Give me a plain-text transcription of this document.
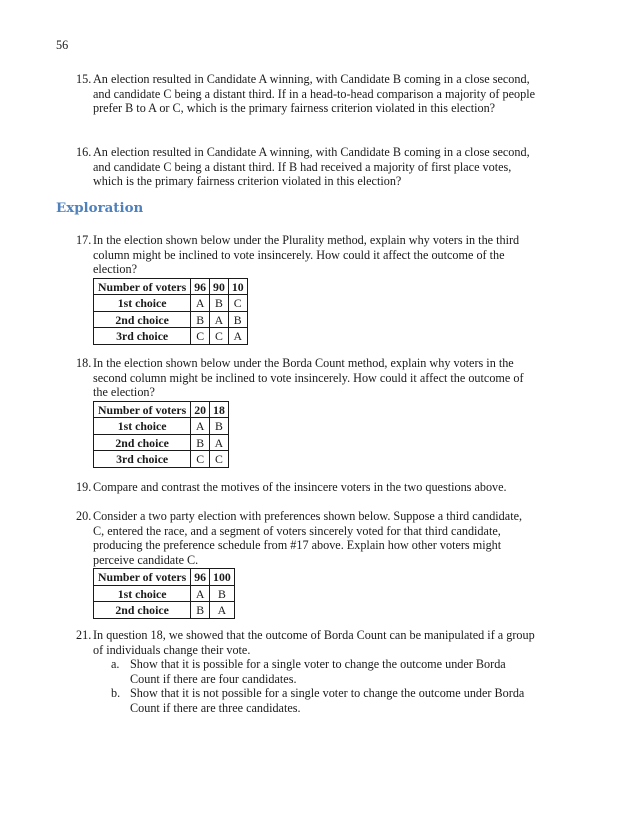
56
15. An election resulted in Candidate A winning, with Candidate B coming in a close second, and candidate C being a distant third. If in a head-to-head comparison a majority of people prefer B to A or C, which is the primary fairness criterion violated in this election?
16. An election resulted in Candidate A winning, with Candidate B coming in a close second, and candidate C being a distant third. If B had received a majority of first place votes, which is the primary fairness criterion violated in this election?
Exploration
17. In the election shown below under the Plurality method, explain why voters in the third column might be inclined to vote insincerely. How could it affect the outcome of the election?
Number of voters	96	90	10
1st choice	A	B	C
2nd choice	B	A	B
3rd choice	C	C	A
18. In the election shown below under the Borda Count method, explain why voters in the second column might be inclined to vote insincerely. How could it affect the outcome of the election?
Number of voters	20	18
1st choice	A	B
2nd choice	B	A
3rd choice	C	C
19. Compare and contrast the motives of the insincere voters in the two questions above.
20. Consider a two party election with preferences shown below. Suppose a third candidate, C, entered the race, and a segment of voters sincerely voted for that third candidate, producing the preference schedule from #17 above. Explain how other voters might perceive candidate C.
Number of voters	96	100
1st choice	A	B
2nd choice	B	A
21. In question 18, we showed that the outcome of Borda Count can be manipulated if a group of individuals change their vote.
a. Show that it is possible for a single voter to change the outcome under Borda Count if there are four candidates.
b. Show that it is not possible for a single voter to change the outcome under Borda Count if there are three candidates.
